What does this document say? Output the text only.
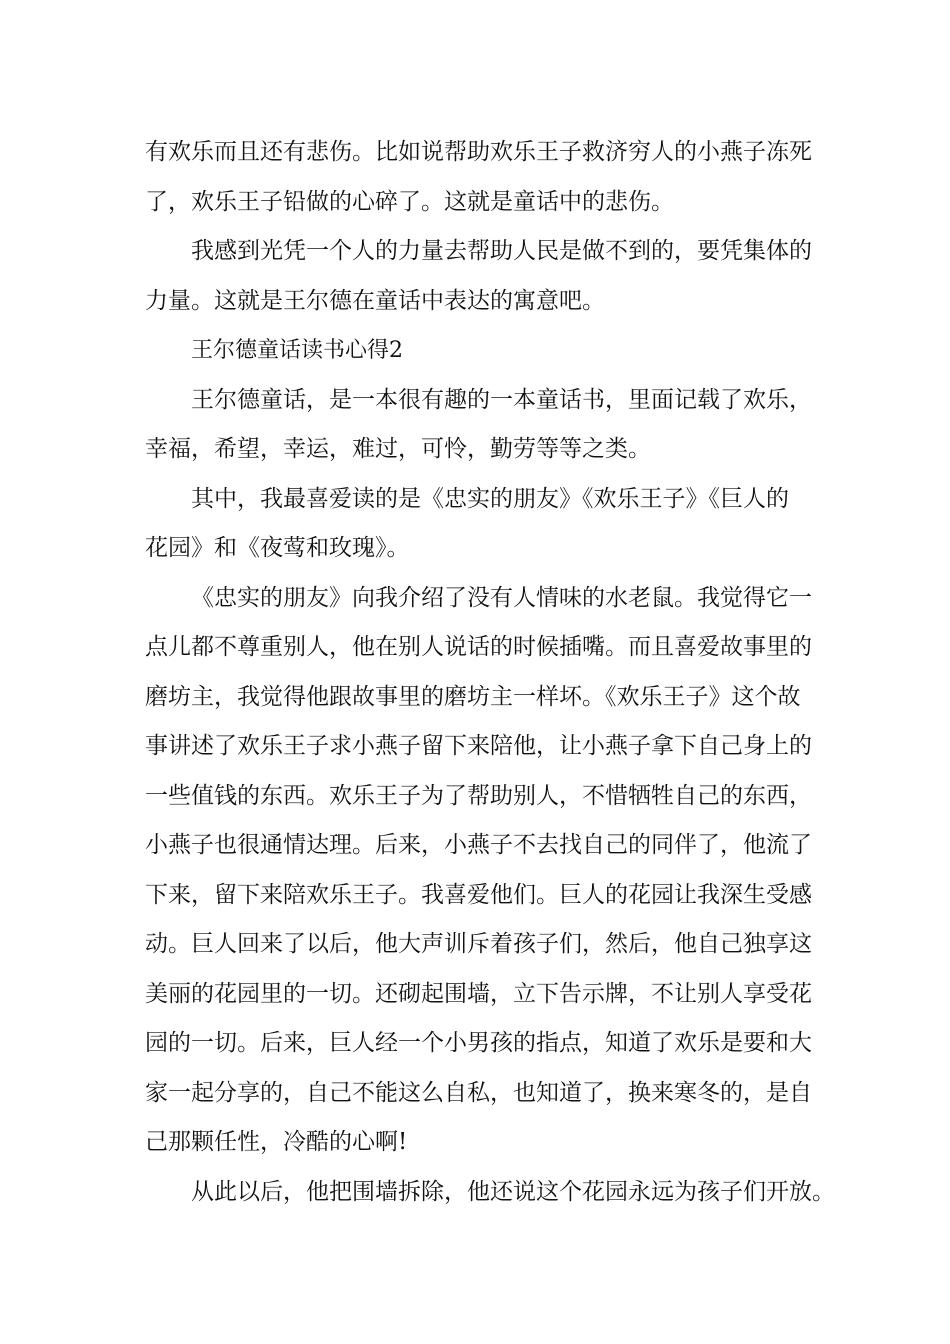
有欢乐而且还有悲伤。比如说帮助欢乐王子救济穷人的小燕子冻死

了，欢乐王子铅做的心碎了。这就是童话中的悲伤。

我感到光凭一个人的力量去帮助人民是做不到的，要凭集体的

力量。这就是王尔德在童话中表达的寓意吧。

王尔德童话读书心得2

王尔德童话，是一本很有趣的一本童话书，里面记载了欢乐，

幸福，希望，幸运，难过，可怜，勤劳等等之类。

其中，我最喜爱读的是《忠实的朋友》《欢乐王子》《巨人的

花园》和《夜莺和玫瑰》。

《忠实的朋友》向我介绍了没有人情味的水老鼠。我觉得它一

点儿都不尊重别人，他在别人说话的时候插嘴。而且喜爱故事里的

磨坊主，我觉得他跟故事里的磨坊主一样坏。《欢乐王子》这个故

事讲述了欢乐王子求小燕子留下来陪他，让小燕子拿下自己身上的

一些值钱的东西。欢乐王子为了帮助别人，不惜牺牲自己的东西，

小燕子也很通情达理。后来，小燕子不去找自己的同伴了，他流了

下来，留下来陪欢乐王子。我喜爱他们。巨人的花园让我深生受感

动。巨人回来了以后，他大声训斥着孩子们，然后，他自己独享这

美丽的花园里的一切。还砌起围墙，立下告示牌，不让别人享受花

园的一切。后来，巨人经一个小男孩的指点，知道了欢乐是要和大

家一起分享的，自己不能这么自私，也知道了，换来寒冬的，是自

己那颗任性，冷酷的心啊!

从此以后，他把围墙拆除，他还说这个花园永远为孩子们开放。
